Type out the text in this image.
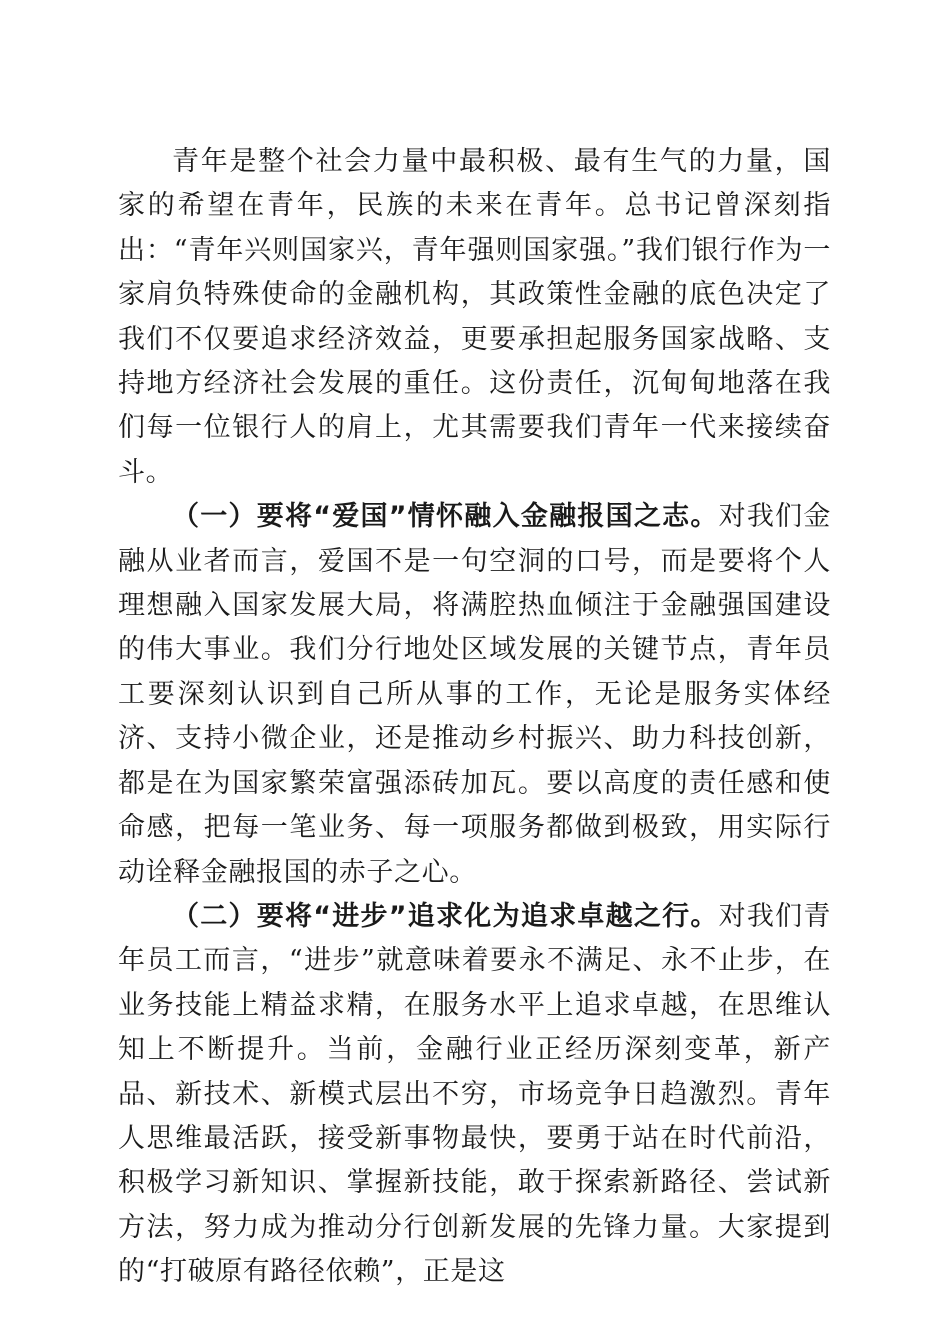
青年是整个社会力量中最积极、最有生气的力量，国家的希望在青年，民族的未来在青年。总书记曾深刻指出：“青年兴则国家兴，青年强则国家强。”我们银行作为一家肩负特殊使命的金融机构，其政策性金融的底色决定了我们不仅要追求经济效益，更要承担起服务国家战略、支持地方经济社会发展的重任。这份责任，沉甸甸地落在我们每一位银行人的肩上，尤其需要我们青年一代来接续奋斗。

（一）要将“爱国”情怀融入金融报国之志。对我们金融从业者而言，爱国不是一句空洞的口号，而是要将个人理想融入国家发展大局，将满腔热血倾注于金融强国建设的伟大事业。我们分行地处区域发展的关键节点，青年员工要深刻认识到自己所从事的工作，无论是服务实体经济、支持小微企业，还是推动乡村振兴、助力科技创新，都是在为国家繁荣富强添砖加瓦。要以高度的责任感和使命感，把每一笔业务、每一项服务都做到极致，用实际行动诠释金融报国的赤子之心。

（二）要将“进步”追求化为追求卓越之行。对我们青年员工而言，“进步”就意味着要永不满足、永不止步，在业务技能上精益求精，在服务水平上追求卓越，在思维认知上不断提升。当前，金融行业正经历深刻变革，新产品、新技术、新模式层出不穷，市场竞争日趋激烈。青年人思维最活跃，接受新事物最快，要勇于站在时代前沿，积极学习新知识、掌握新技能，敢于探索新路径、尝试新方法，努力成为推动分行创新发展的先锋力量。大家提到的“打破原有路径依赖”，正是这
